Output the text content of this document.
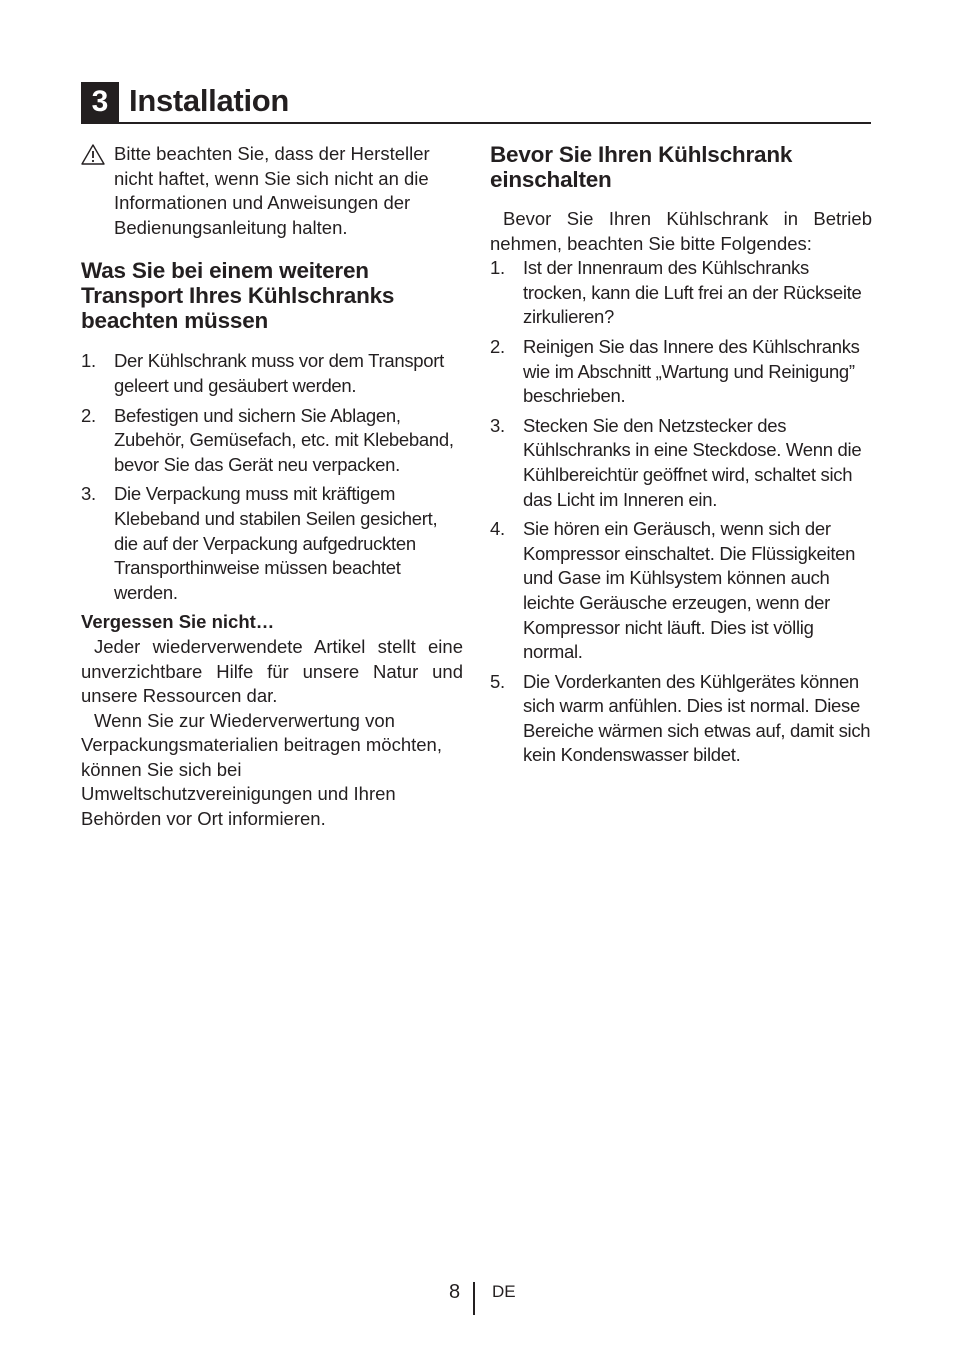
3 Installation
Bitte beachten Sie, dass der Hersteller nicht haftet, wenn Sie sich nicht an die Informationen und Anweisungen der Bedienungsanleitung halten.
Was Sie bei einem weiteren Transport Ihres Kühlschranks beachten müssen
1. Der Kühlschrank muss vor dem Transport geleert und gesäubert werden.
2. Befestigen und sichern Sie Ablagen, Zubehör, Gemüsefach, etc. mit Klebeband, bevor Sie das Gerät neu verpacken.
3. Die Verpackung muss mit kräftigem Klebeband und stabilen Seilen gesichert, die auf der Verpackung aufgedruckten Transporthinweise müssen beachtet werden.
Vergessen Sie nicht…
Jeder wiederverwendete Artikel stellt eine unverzichtbare Hilfe für unsere Natur und unsere Ressourcen dar.
Wenn Sie zur Wiederverwertung von Verpackungsmaterialien beitragen möchten, können Sie sich bei Umweltschutzvereinigungen und Ihren Behörden vor Ort informieren.
Bevor Sie Ihren Kühlschrank einschalten
Bevor Sie Ihren Kühlschrank in Betrieb nehmen, beachten Sie bitte Folgendes:
1. Ist der Innenraum des Kühlschranks trocken, kann die Luft frei an der Rückseite zirkulieren?
2. Reinigen Sie das Innere des Kühlschranks wie im Abschnitt „Wartung und Reinigung” beschrieben.
3. Stecken Sie den Netzstecker des Kühlschranks in eine Steckdose. Wenn die Kühlbereichtür geöffnet wird, schaltet sich das Licht im Inneren ein.
4. Sie hören ein Geräusch, wenn sich der Kompressor einschaltet. Die Flüssigkeiten und Gase im Kühlsystem können auch leichte Geräusche erzeugen, wenn der Kompressor nicht läuft. Dies ist völlig normal.
5. Die Vorderkanten des Kühlgerätes können sich warm anfühlen. Dies ist normal. Diese Bereiche wärmen sich etwas auf, damit sich kein Kondenswasser bildet.
8 DE
